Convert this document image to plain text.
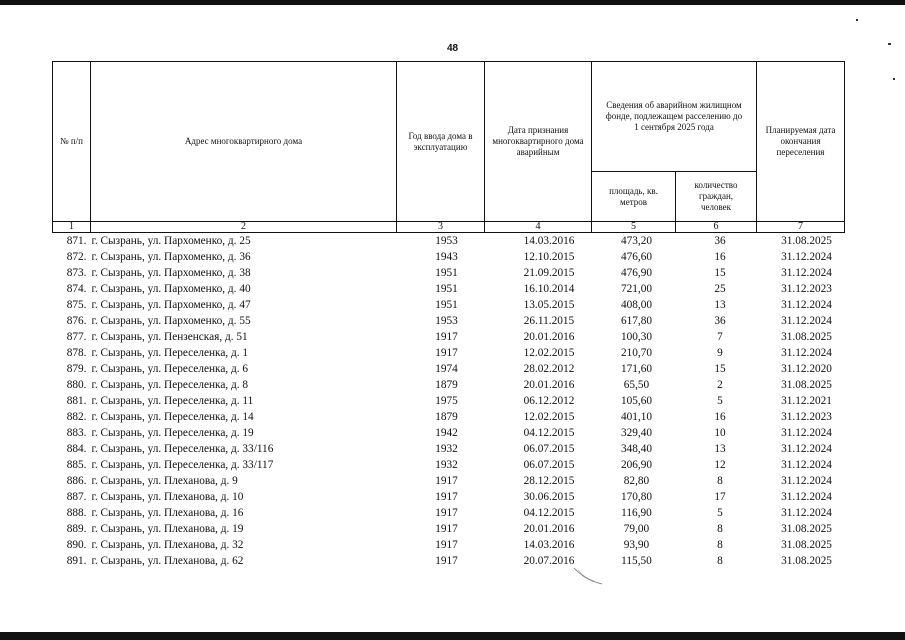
48
№ п/п	Адрес многоквартирного дома	Год ввода дома в эксплуатацию	Дата признания многоквартирного дома аварийным	Сведения об аварийном жилищном фонде, подлежащем расселению до 1 сентября 2025 года		Планируемая дата окончания переселения
				площадь, кв. метров	количество граждан, человек	
1	2	3	4	5	6	7
871.	г. Сызрань, ул. Пархоменко, д. 25	1953	14.03.2016	473,20	36	31.08.2025
872.	г. Сызрань, ул. Пархоменко, д. 36	1943	12.10.2015	476,60	16	31.12.2024
873.	г. Сызрань, ул. Пархоменко, д. 38	1951	21.09.2015	476,90	15	31.12.2024
874.	г. Сызрань, ул. Пархоменко, д. 40	1951	16.10.2014	721,00	25	31.12.2023
875.	г. Сызрань, ул. Пархоменко, д. 47	1951	13.05.2015	408,00	13	31.12.2024
876.	г. Сызрань, ул. Пархоменко, д. 55	1953	26.11.2015	617,80	36	31.12.2024
877.	г. Сызрань, ул. Пензенская, д. 51	1917	20.01.2016	100,30	7	31.08.2025
878.	г. Сызрань, ул. Переселенка, д. 1	1917	12.02.2015	210,70	9	31.12.2024
879.	г. Сызрань, ул. Переселенка, д. 6	1974	28.02.2012	171,60	15	31.12.2020
880.	г. Сызрань, ул. Переселенка, д. 8	1879	20.01.2016	65,50	2	31.08.2025
881.	г. Сызрань, ул. Переселенка, д. 11	1975	06.12.2012	105,60	5	31.12.2021
882.	г. Сызрань, ул. Переселенка, д. 14	1879	12.02.2015	401,10	16	31.12.2023
883.	г. Сызрань, ул. Переселенка, д. 19	1942	04.12.2015	329,40	10	31.12.2024
884.	г. Сызрань, ул. Переселенка, д. 33/116	1932	06.07.2015	348,40	13	31.12.2024
885.	г. Сызрань, ул. Переселенка, д. 33/117	1932	06.07.2015	206,90	12	31.12.2024
886.	г. Сызрань, ул. Плеханова, д. 9	1917	28.12.2015	82,80	8	31.12.2024
887.	г. Сызрань, ул. Плеханова, д. 10	1917	30.06.2015	170,80	17	31.12.2024
888.	г. Сызрань, ул. Плеханова, д. 16	1917	04.12.2015	116,90	5	31.12.2024
889.	г. Сызрань, ул. Плеханова, д. 19	1917	20.01.2016	79,00	8	31.08.2025
890.	г. Сызрань, ул. Плеханова, д. 32	1917	14.03.2016	93,90	8	31.08.2025
891.	г. Сызрань, ул. Плеханова, д. 62	1917	20.07.2016	115,50	8	31.08.2025
